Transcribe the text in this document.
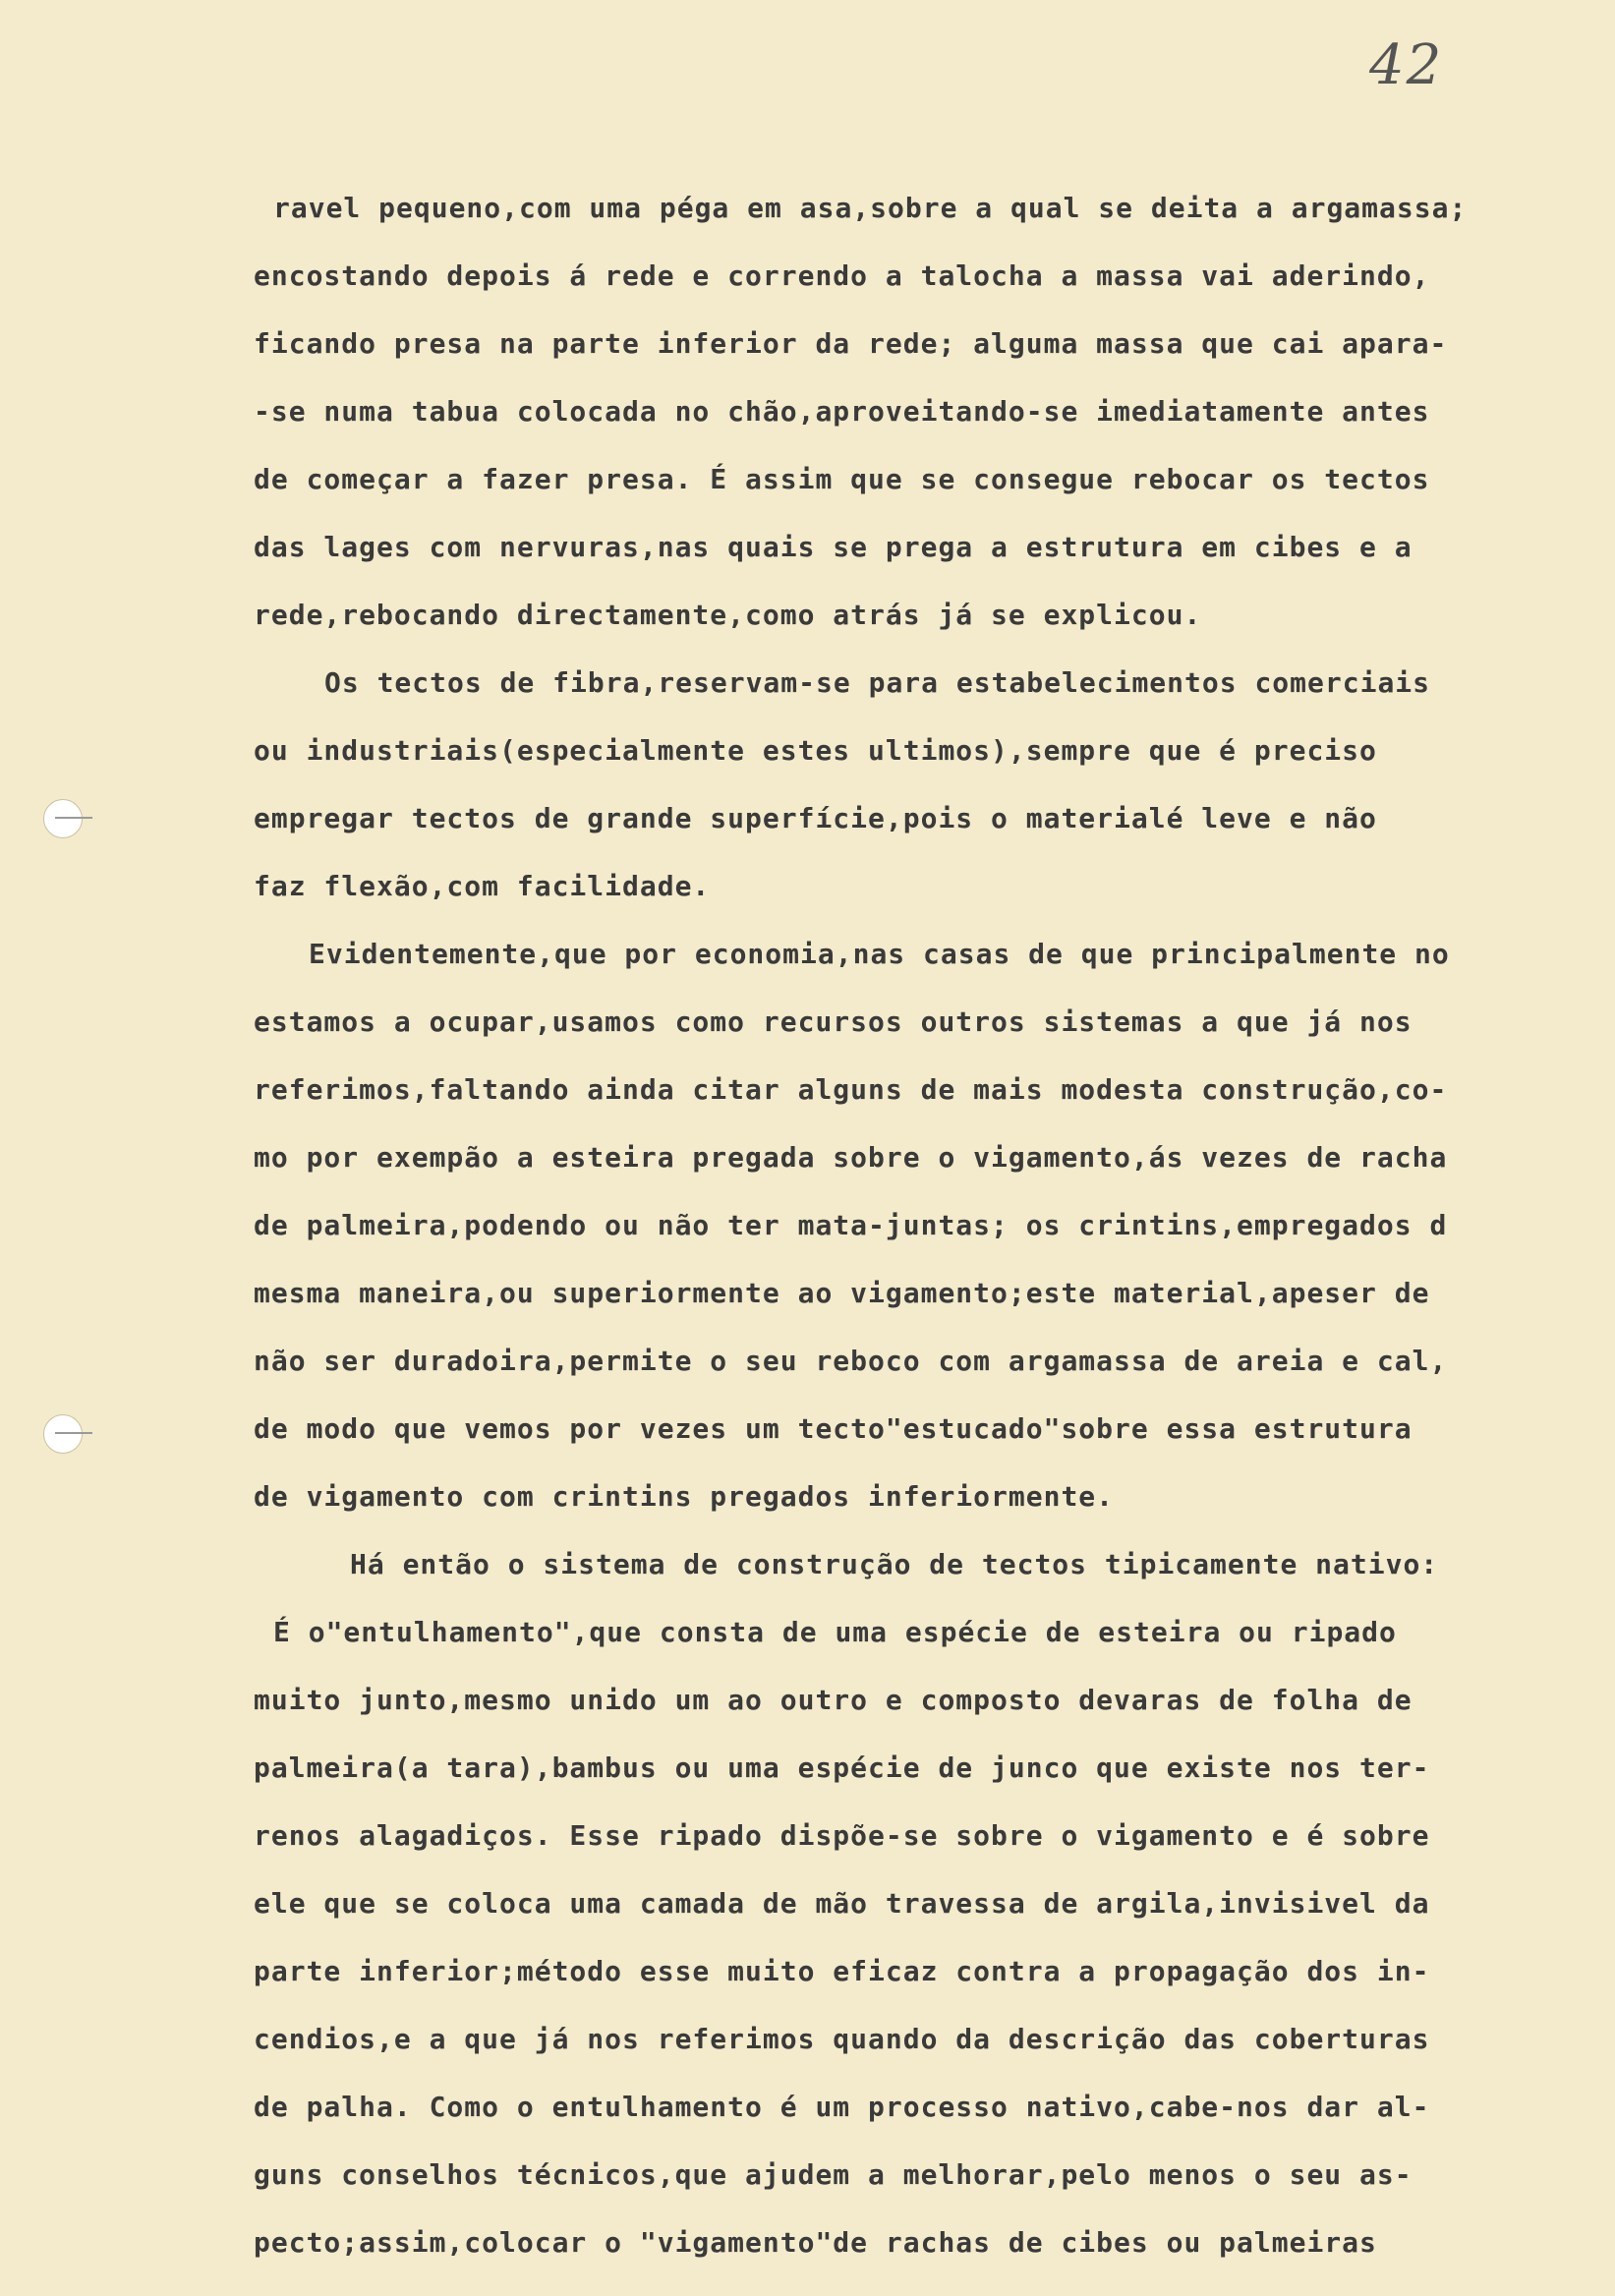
42
ravel pequeno,com uma péga em asa,sobre a qual se deita a argamassa;
encostando depois á rede e correndo a talocha a massa vai aderindo,
ficando presa na parte inferior da rede; alguma massa que cai apara-
-se numa tabua colocada no chão,aproveitando-se imediatamente antes
de começar a fazer presa. É assim que se consegue rebocar os tectos
das lages com nervuras,nas quais se prega a estrutura em cibes e a
rede,rebocando directamente,como atrás já se explicou.
Os tectos de fibra,reservam-se para estabelecimentos comerciais
ou industriais(especialmente estes ultimos),sempre que é preciso
empregar tectos de grande superfície,pois o materialé leve e não
faz flexão,com facilidade.
Evidentemente,que por economia,nas casas de que principalmente no
estamos a ocupar,usamos como recursos outros sistemas a que já nos
referimos,faltando ainda citar alguns de mais modesta construção,co-
mo por exempão a esteira pregada sobre o vigamento,ás vezes de racha
de palmeira,podendo ou não ter mata-juntas; os crintins,empregados d
mesma maneira,ou superiormente ao vigamento;este material,apeser de
não ser duradoira,permite o seu reboco com argamassa de areia e cal,
de modo que vemos por vezes um tecto"estucado"sobre essa estrutura
de vigamento com crintins pregados inferiormente.
Há então o sistema de construção de tectos tipicamente nativo:
É o"entulhamento",que consta de uma espécie de esteira ou ripado
muito junto,mesmo unido um ao outro e composto devaras de folha de
palmeira(a tara),bambus ou uma espécie de junco que existe nos ter-
renos alagadiços. Esse ripado dispõe-se sobre o vigamento e é sobre
ele que se coloca uma camada de mão travessa de argila,invisivel da
parte inferior;método esse muito eficaz contra a propagação dos in-
cendios,e a que já nos referimos quando da descrição das coberturas
de palha. Como o entulhamento é um processo nativo,cabe-nos dar al-
guns conselhos técnicos,que ajudem a melhorar,pelo menos o seu as-
pecto;assim,colocar o "vigamento"de rachas de cibes ou palmeiras
